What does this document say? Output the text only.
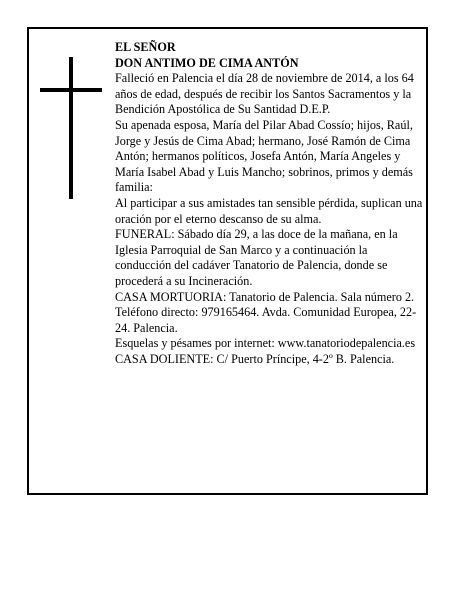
EL SEÑOR

DON ANTIMO DE CIMA ANTÓN

Falleció en Palencia el día 28 de noviembre de 2014, a los 64 años de edad, después de recibir los Santos Sacramentos y la Bendición Apostólica de Su Santidad D.E.P.

Su apenada esposa, María del Pilar Abad Cossío; hijos, Raúl, Jorge y Jesús de Cima Abad; hermano, José Ramón de Cima Antón; hermanos políticos, Josefa Antón, María Angeles y María Isabel Abad y Luis Mancho; sobrinos, primos y demás familia:

Al participar a sus amistades tan sensible pérdida, suplican una oración por el eterno descanso de su alma.

FUNERAL: Sábado día 29, a las doce de la mañana, en la Iglesia Parroquial de San Marco y a continuación la conducción del cadáver Tanatorio de Palencia, donde se procederá a su Incineración.

CASA MORTUORIA: Tanatorio de Palencia. Sala número 2. Teléfono directo: 979165464. Avda. Comunidad Europea, 22-24. Palencia.

Esquelas y pésames por internet: www.tanatoriodepalencia.es

CASA DOLIENTE: C/ Puerto Príncipe, 4-2º B. Palencia.
